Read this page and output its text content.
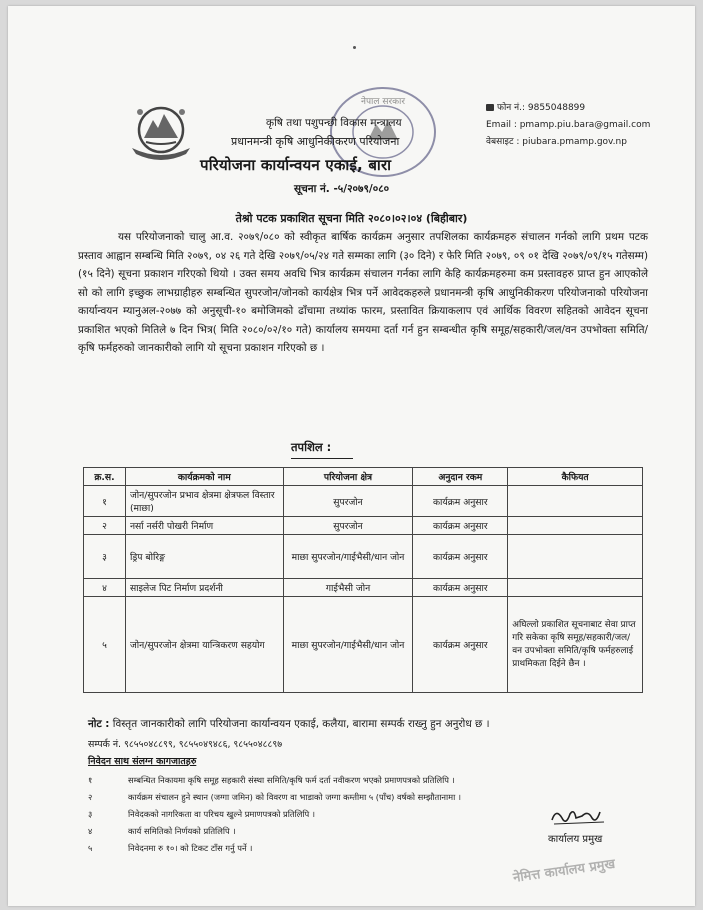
नेपाल सरकार
फोन नं.: 9855048899
Email : pmamp.piu.bara@gmail.com
वेबसाइट : piubara.pmamp.gov.np
कृषि तथा पशुपन्छी विकास मन्त्रालय
प्रधानमन्त्री कृषि आधुनिकीकरण परियोजना
परियोजना कार्यान्वयन एकाई, बारा
सूचना नं. -५/२०७९/०८०
तेश्रो पटक प्रकाशित सूचना मिति २०८०।०२।०४ (बिहीबार)
यस परियोजनाको चालु आ.व. २०७९/०८० को स्वीकृत बार्षिक कार्यक्रम अनुसार तपशिलका कार्यक्रमहरु संचालन गर्नको लागि प्रथम पटक प्रस्ताव आह्वान सम्बन्धि मिति २०७९, ०४ २६ गते देखि २०७९/०५/२४ गते सम्मका लागि (३० दिने) र फेरि मिति २०७९, ०९ ०१ देखि २०७९/०९/१५ गतेसम्म) (१५ दिने) सूचना प्रकाशन गरिएको थियो । उक्त समय अवधि भित्र कार्यक्रम संचालन गर्नका लागि केहि कार्यक्रमहरुमा कम प्रस्तावहरु प्राप्त हुन आएकोले सो को लागि इच्छुक लाभग्राहीहरु सम्बन्धित सुपरजोन/जोनको कार्यक्षेत्र भित्र पर्ने आवेदकहरुले प्रधानमन्त्री कृषि आधुनिकीकरण परियोजनाको परियोजना कार्यान्वयन म्यानुअल-२०७७ को अनुसूची-१० बमोजिमको ढाँचामा तथ्यांक फारम, प्रस्तावित क्रियाकलाप एवं आर्थिक विवरण सहितको आवेदन सूचना प्रकाशित भएको मितिले ७ दिन भित्र( मिति २०८०/०२/१० गते) कार्यालय समयमा दर्ता गर्न हुन सम्बन्धीत कृषि समूह/सहकारी/जल/वन उपभोक्ता समिति/कृषि फर्महरुको जानकारीको लागि यो सूचना प्रकाशन गरिएको छ ।
तपशिल :
क्र.स.	कार्यक्रमको नाम	परियोजना क्षेत्र	अनुदान रकम	कैफियत
१	जोन/सुपरजोन प्रभाव क्षेत्रमा क्षेत्रफल विस्तार (माछा)	सुपरजोन	कार्यक्रम अनुसार	
२	नर्सा नर्सरी पोखरी निर्माण	सुपरजोन	कार्यक्रम अनुसार	
३	ड्रिप बोरिङ्ग	माछा सुपरजोन/गाईभैसी/धान जोन	कार्यक्रम अनुसार	
४	साइलेज पिट निर्माण प्रदर्शनी	गाईभैसी जोन	कार्यक्रम अनुसार	
५	जोन/सुपरजोन क्षेत्रमा यान्त्रिकरण सहयोग	माछा सुपरजोन/गाईभैसी/धान जोन	कार्यक्रम अनुसार	अघिल्लो प्रकाशित सूचनाबाट सेवा प्राप्त गरि सकेका कृषि समूह/सहकारी/जल/वन उपभोक्ता समिति/कृषि फर्महरुलाई प्राथमिकता दिईने छैन ।
नोट : विस्तृत जानकारीको लागि परियोजना कार्यान्वयन एकाई, कलैया, बारामा सम्पर्क राख्नु हुन अनुरोध छ ।
सम्पर्क नं. ९८५५०४८८९९, ९८५५०४९४८६, ९८५५०४८८९७
निवेदन साथ संलग्न कागजातहरु
१	सम्बन्धित निकायमा कृषि समूह सहकारी संस्था समिति/कृषि फर्म दर्ता नवीकरण भएको प्रमाणपत्रको प्रतिलिपि ।
२	कार्यक्रम संचालन हुने स्थान (जग्गा जमिन) को विवरण वा भाडाको जग्गा कम्तीमा ५ (पाँच) वर्षको सम्झौतानामा ।
३	निवेदकको नागरिकता वा परिचय खुल्ने प्रमाणपत्रको प्रतिलिपि ।
४	कार्य समितिको निर्णयको प्रतिलिपि ।
५	निवेदनमा रु १०। को टिकट टाँस गर्नु पर्ने ।
कार्यालय प्रमुख
नेमित्त कार्यालय प्रमुख
